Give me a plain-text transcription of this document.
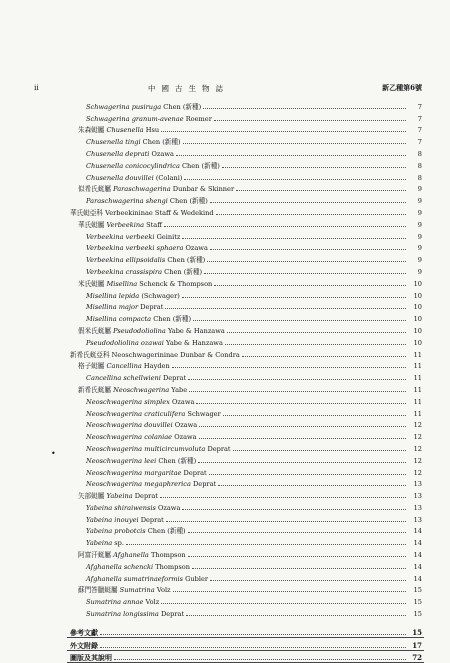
ii	中國古生物誌	新乙種第6號
•
Schwagerina pusiruga Chen (新種)	7
Schwagerina granum-avenae Roemer	7
朱森蜓屬 Chusenella Hsu	7
Chusenella tingi Chen (新種)	7
Chusenella deprati Ozawa	8
Chusenella conicocylindrica Chen (新種)	8
Chusenella douvillei (Colani)	8
似希氏蜓屬 Paraschwagerina Dunbar & Skinner	9
Paraschwagerina shengi Chen (新種)	9
華氏蜓亞科 Verbeekininae Staff & Wedekind	9
華氏蜓屬 Verbeekina Staff	9
Verbeekina verbeeki Geinitz	9
Verbeekina verbeeki sphaera Ozawa	9
Verbeekina ellipsoidalis Chen (新種)	9
Verbeekina crassispira Chen (新種)	9
米氏蜓屬 Misellina Schenck & Thompson	10
Misellina lepida (Schwager)	10
Misellina major Deprat	10
Misellina compacta Chen (新種)	10
假米氏蜓屬 Pseudodoliolina Yabe & Hanzawa	10
Pseudodoliolina ozawai Yabe & Hanzawa	10
新希氏蜓亞科 Neoschwagerininae Dunbar & Condra	11
格子蜓屬 Cancellina Hayden	11
Cancellina schellwieni Deprat	11
新希氏蜓屬 Neoschwagerina Yabe	11
Neoschwagerina simplex Ozawa	11
Neoschwagerina craticulifera Schwager	11
Neoschwagerina douvillei Ozawa	12
Neoschwagerina colaniae Ozawa	12
Neoschwagerina multicircumvoluta Deprat	12
Neoschwagerina leei Chen (新種)	12
Neoschwagerina margaritae Deprat	12
Neoschwagerina megaphrerica Deprat	13
矢部蜓屬 Yabeina Deprat	13
Yabeina shiraiwensis Ozawa	13
Yabeina inouyei Deprat	13
Yabeina probotcis Chen (新種)	14
Yabeina sp.	14
阿富汗蜓屬 Afghanella Thompson	14
Afghanella schencki Thompson	14
Afghanella sumatrinaeformis Gubler	14
蘇門答臘蜓屬 Sumatrina Volz	15
Sumatrina annae Volz	15
Sumatrina longissima Deprat	15
參考文獻	15
外文附錄	17
圖版及其說明	72
